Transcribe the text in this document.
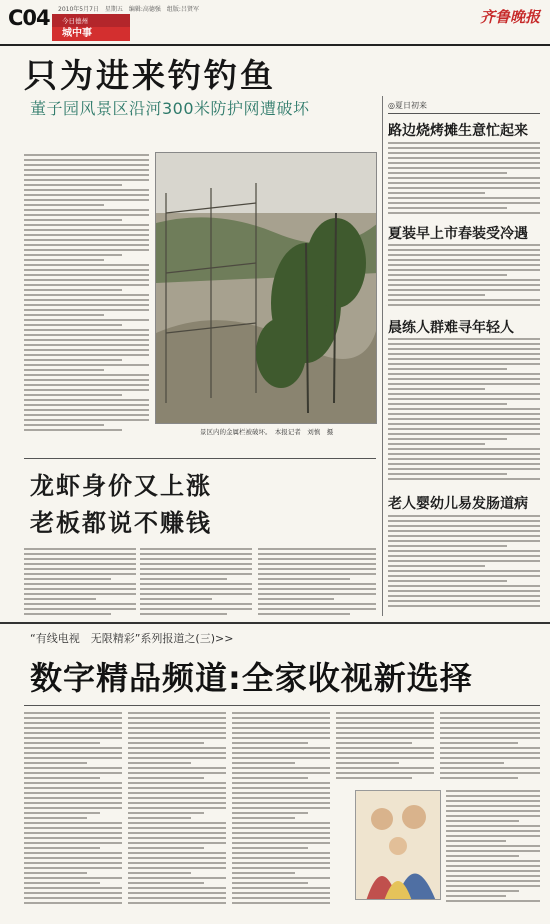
C04 2010年5月7日　星期五　编辑:高德强　组版:吕贤军
今日德州
城中事
齐鲁晚报
只为进来钓钓鱼
董子园风景区沿河300米防护网遭破坏
景区内的金属栏被破坏。　本报记者　刘慎　摄
龙虾身价又上涨
老板都说不赚钱
◎夏日初来
路边烧烤摊生意忙起来
夏装早上市春装受冷遇
晨练人群难寻年轻人
老人婴幼儿易发肠道病
“有线电视　无限精彩”系列报道之(三)>>
数字精品频道:全家收视新选择
